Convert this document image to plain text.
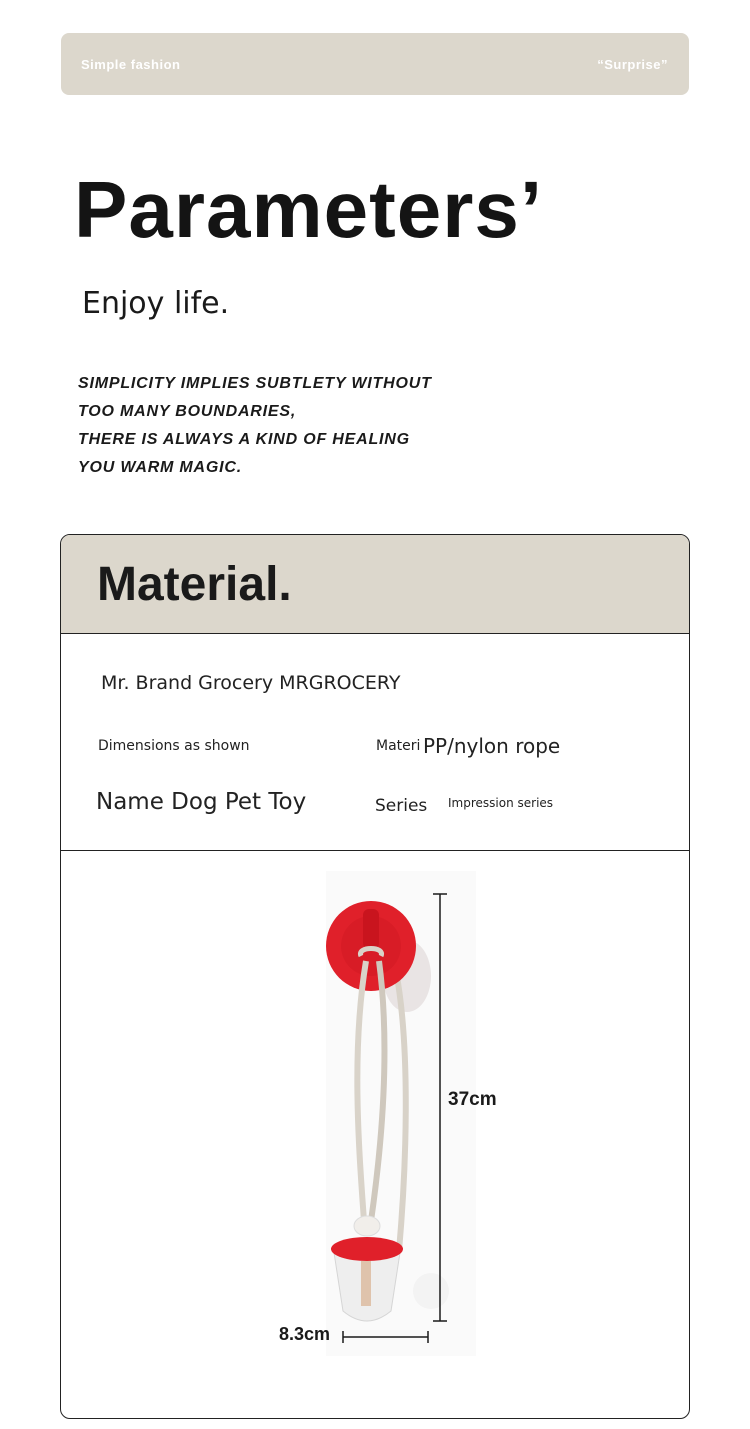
Simple fashion	“Surprise”
Parameters’
Enjoy life.
SIMPLICITY IMPLIES SUBTLETY WITHOUT
TOO MANY BOUNDARIES,
THERE IS ALWAYS A KIND OF HEALING
YOU WARM MAGIC.
Material.
Mr. Brand Grocery MRGROCERY
Dimensions as shown	Materi PP/nylon rope
Name Dog Pet Toy	Series Impression series
37cm
8.3cm
